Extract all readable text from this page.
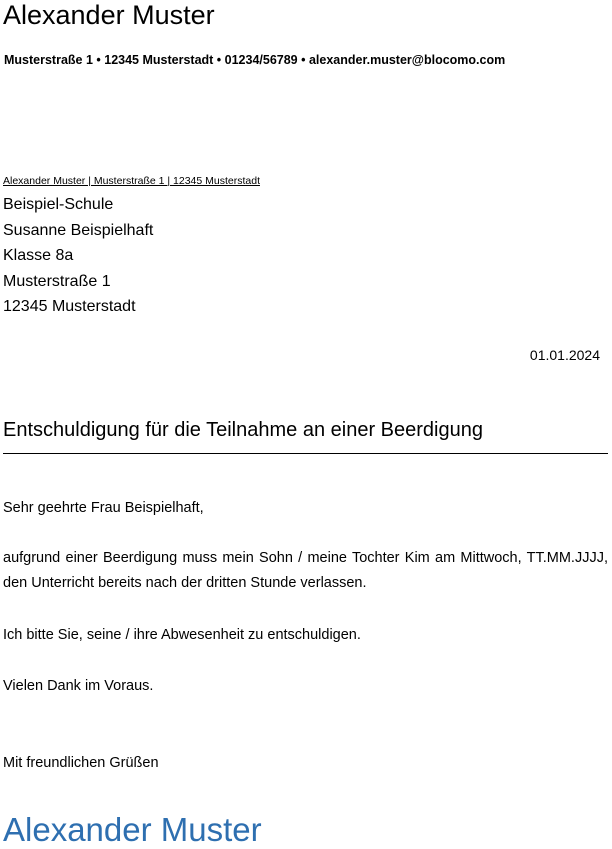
Alexander Muster
Musterstraße 1 • 12345 Musterstadt • 01234/56789 • alexander.muster@blocomo.com
Alexander Muster | Musterstraße 1 | 12345 Musterstadt
Beispiel-Schule
Susanne Beispielhaft
Klasse 8a
Musterstraße 1
12345 Musterstadt
01.01.2024
Entschuldigung für die Teilnahme an einer Beerdigung
Sehr geehrte Frau Beispielhaft,
aufgrund einer Beerdigung muss mein Sohn / meine Tochter Kim am Mittwoch, TT.MM.JJJJ, den Unterricht bereits nach der dritten Stunde verlassen.
Ich bitte Sie, seine / ihre Abwesenheit zu entschuldigen.
Vielen Dank im Voraus.
Mit freundlichen Grüßen
Alexander Muster
